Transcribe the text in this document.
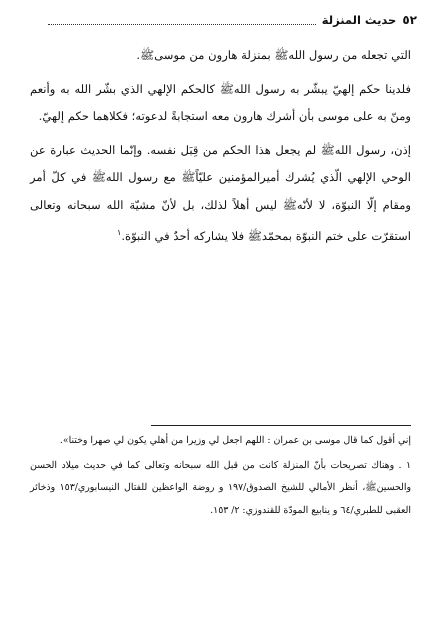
٥٢
حديث المنزلة

التي تجعله من رسول اللهﷺ بمنزلة هارون من موسىﷺ.

فلدينا حكم إلهيّ يبشّر به رسول اللهﷺ كالحكم الإلهي الذي بشّر الله به وأنعم ومنّ به على موسى بأن أشرك هارون معه استجابةً لدعوته؛ فكلاهما حكم إلهيّ.

إذن، رسول اللهﷺ لم يجعل هذا الحكم من قِبَل نفسه. وإنّما الحديث عبارة عن الوحي الإلهي الّذي يُشرك أميرالمؤمنين عليّاًﷺ مع رسول اللهﷺ في كلّ أمر ومقام إلّا النبوّة، لا لأنّهﷺ ليس أهلاً لذلك، بل لأنّ مشيّة الله سبحانه وتعالى استقرّت على ختم النبوّة بمحمّدﷺ فلا يشاركه أحدٌ في النبوّة.$^١$

إني أقول كما قال موسى بن عمران : اللهم اجعل لي وزيرا من أهلي يكون لي صهرا وختنا».

١ . وهناك تصريحات بأنّ المنزلة كانت من قبل الله سبحانه وتعالى كما في حديث ميلاد الحسن والحسينﷺ، أنظر الأمالي للشيخ الصدوق/١٩٧ و روضة الواعظين للفتال النيسابوري/١٥٣ وذخائر العقبى للطبري/٦٤ و ينابيع المودّة للقندوزي: ٢/ ١٥٣.
